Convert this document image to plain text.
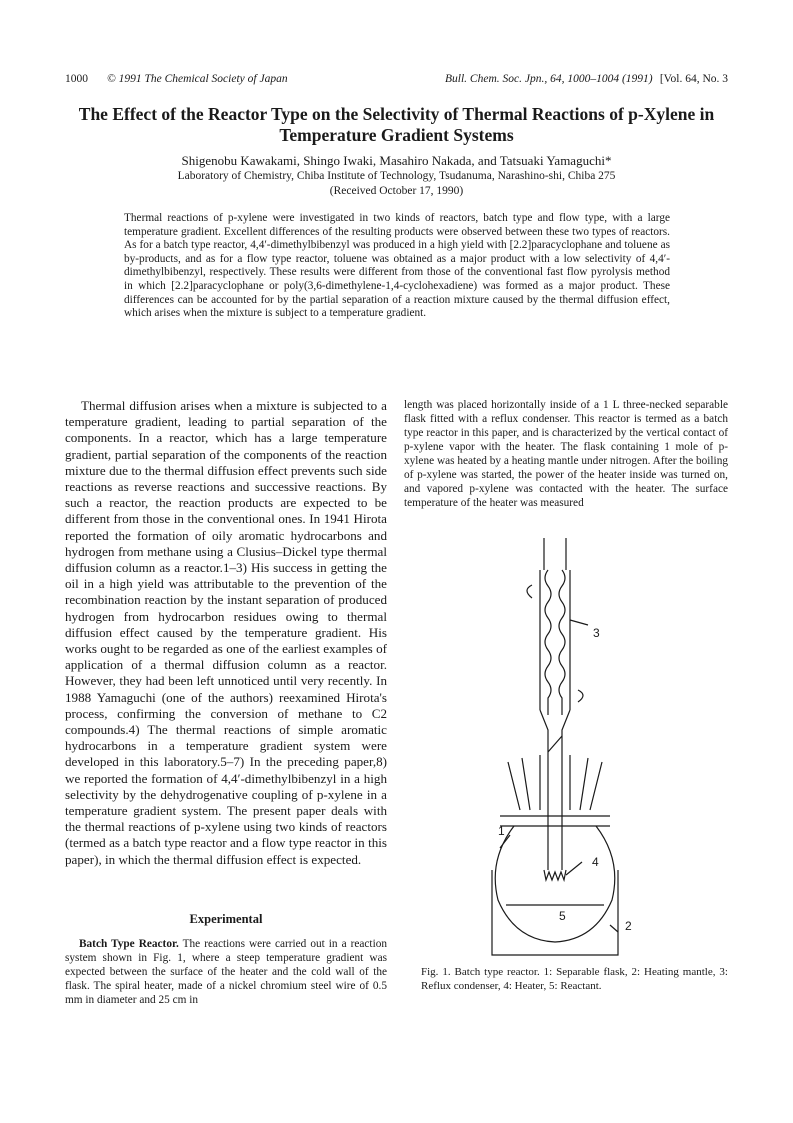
1000 © 1991 The Chemical Society of Japan	Bull. Chem. Soc. Jpn., 64, 1000–1004 (1991) [Vol. 64, No. 3
The Effect of the Reactor Type on the Selectivity of Thermal Reactions of p-Xylene in Temperature Gradient Systems
Shigenobu Kawakami, Shingo Iwaki, Masahiro Nakada, and Tatsuaki Yamaguchi*
Laboratory of Chemistry, Chiba Institute of Technology, Tsudanuma, Narashino-shi, Chiba 275
(Received October 17, 1990)
Thermal reactions of p-xylene were investigated in two kinds of reactors, batch type and flow type, with a large temperature gradient. Excellent differences of the resulting products were observed between these two types of reactors. As for a batch type reactor, 4,4′-dimethylbibenzyl was produced in a high yield with [2.2]paracyclophane and toluene as by-products, and as for a flow type reactor, toluene was obtained as a major product with a low selectivity of 4,4′-dimethylbibenzyl, respectively. These results were different from those of the conventional fast flow pyrolysis method in which [2.2]paracyclophane or poly(3,6-dimethylene-1,4-cyclohexadiene) was formed as a major product. These differences can be accounted for by the partial separation of a reaction mixture caused by the thermal diffusion effect, which arises when the mixture is subject to a temperature gradient.

Thermal diffusion arises when a mixture is subjected to a temperature gradient, leading to partial separation of the components. In a reactor, which has a large temperature gradient, partial separation of the components of the reaction mixture due to the thermal diffusion effect prevents such side reactions as reverse reactions and successive reactions. By such a reactor, the reaction products are expected to be different from those in the conventional ones. In 1941 Hirota reported the formation of oily aromatic hydrocarbons and hydrogen from methane using a Clusius–Dickel type thermal diffusion column as a reactor.1–3) His success in getting the oil in a high yield was attributable to the prevention of the recombination reaction by the instant separation of produced hydrogen from hydrocarbon residues owing to thermal diffusion effect caused by the temperature gradient. His works ought to be regarded as one of the earliest examples of application of a thermal diffusion column as a reactor. However, they had been left unnoticed until very recently. In 1988 Yamaguchi (one of the authors) reexamined Hirota's process, confirming the conversion of methane to C2 compounds.4) The thermal reactions of simple aromatic hydrocarbons in a temperature gradient system were developed in this laboratory.5–7) In the preceding paper,8) we reported the formation of 4,4′-dimethylbibenzyl in a high selectivity by the dehydrogenative coupling of p-xylene in a temperature gradient system. The present paper deals with the thermal reactions of p-xylene using two kinds of reactors (termed as a batch type reactor and a flow type reactor in this paper), in which the thermal diffusion effect is expected.

Experimental

Batch Type Reactor. The reactions were carried out in a reaction system shown in Fig. 1, where a steep temperature gradient was expected between the surface of the heater and the cold wall of the flask. The spiral heater, made of a nickel chromium steel wire of 0.5 mm in diameter and 25 cm in

length was placed horizontally inside of a 1 L three-necked separable flask fitted with a reflux condenser. This reactor is termed as a batch type reactor in this paper, and is characterized by the vertical contact of p-xylene vapor with the heater. The flask containing 1 mole of p-xylene was heated by a heating mantle under nitrogen. After the boiling of p-xylene was started, the power of the heater inside was turned on, and vapored p-xylene was contacted with the heater. The surface temperature of the heater was measured

1
2
3
4
5
Fig. 1. Batch type reactor. 1: Separable flask, 2: Heating mantle, 3: Reflux condenser, 4: Heater, 5: Reactant.
